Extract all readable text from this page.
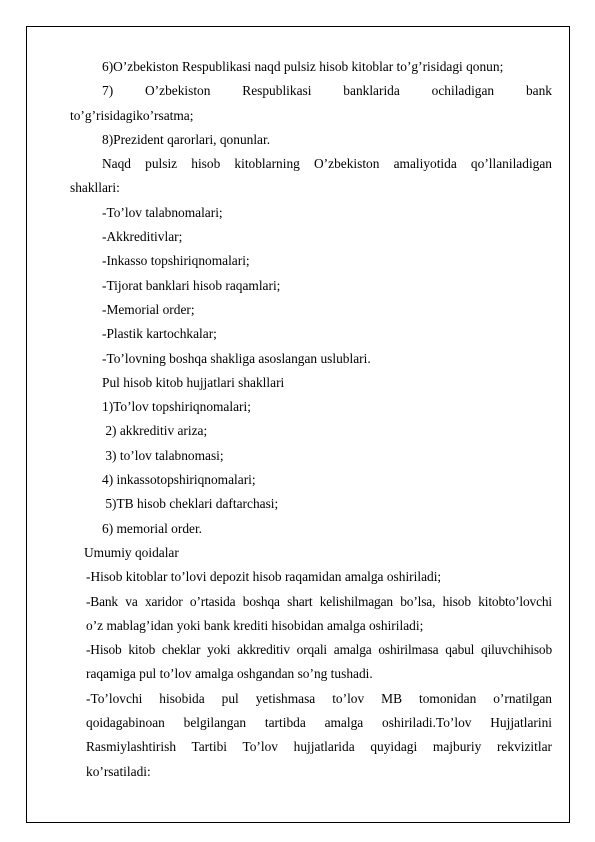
6)O’zbekiston Respublikasi naqd pulsiz hisob kitoblar to’g’risidagi qonun;

7) O’zbekiston Respublikasi banklarida ochiladigan bank

to’g’risidagiko’rsatma;

8)Prezident qarorlari, qonunlar.

Naqd pulsiz hisob kitoblarning O’zbekiston amaliyotida qo’llaniladigan

shakllari:

-To’lov talabnomalari;

-Akkreditivlar;

-Inkasso topshiriqnomalari;

-Tijorat banklari hisob raqamlari;

-Memorial order;

-Plastik kartochkalar;

-To’lovning boshqa shakliga asoslangan uslublari.

Pul hisob kitob hujjatlari shakllari

1)To’lov topshiriqnomalari;

2) akkreditiv ariza;

3) to’lov talabnomasi;

4) inkassotopshiriqnomalari;

5)TB hisob cheklari daftarchasi;

6) memorial order.

Umumiy qoidalar

-Hisob kitoblar to’lovi depozit hisob raqamidan amalga oshiriladi;

-Bank va xaridor o’rtasida boshqa shart kelishilmagan bo’lsa, hisob kitobto’lovchi

o’z mablag’idan yoki bank krediti hisobidan amalga oshiriladi;

-Hisob kitob cheklar yoki akkreditiv orqali amalga oshirilmasa qabul qiluvchihisob

raqamiga pul to’lov amalga oshgandan so’ng tushadi.

-To’lovchi hisobida pul yetishmasa to’lov MB tomonidan o’rnatilgan

qoidagabinoan belgilangan tartibda amalga oshiriladi.To’lov Hujjatlarini

Rasmiylashtirish Tartibi To’lov hujjatlarida quyidagi majburiy rekvizitlar

ko’rsatiladi:
